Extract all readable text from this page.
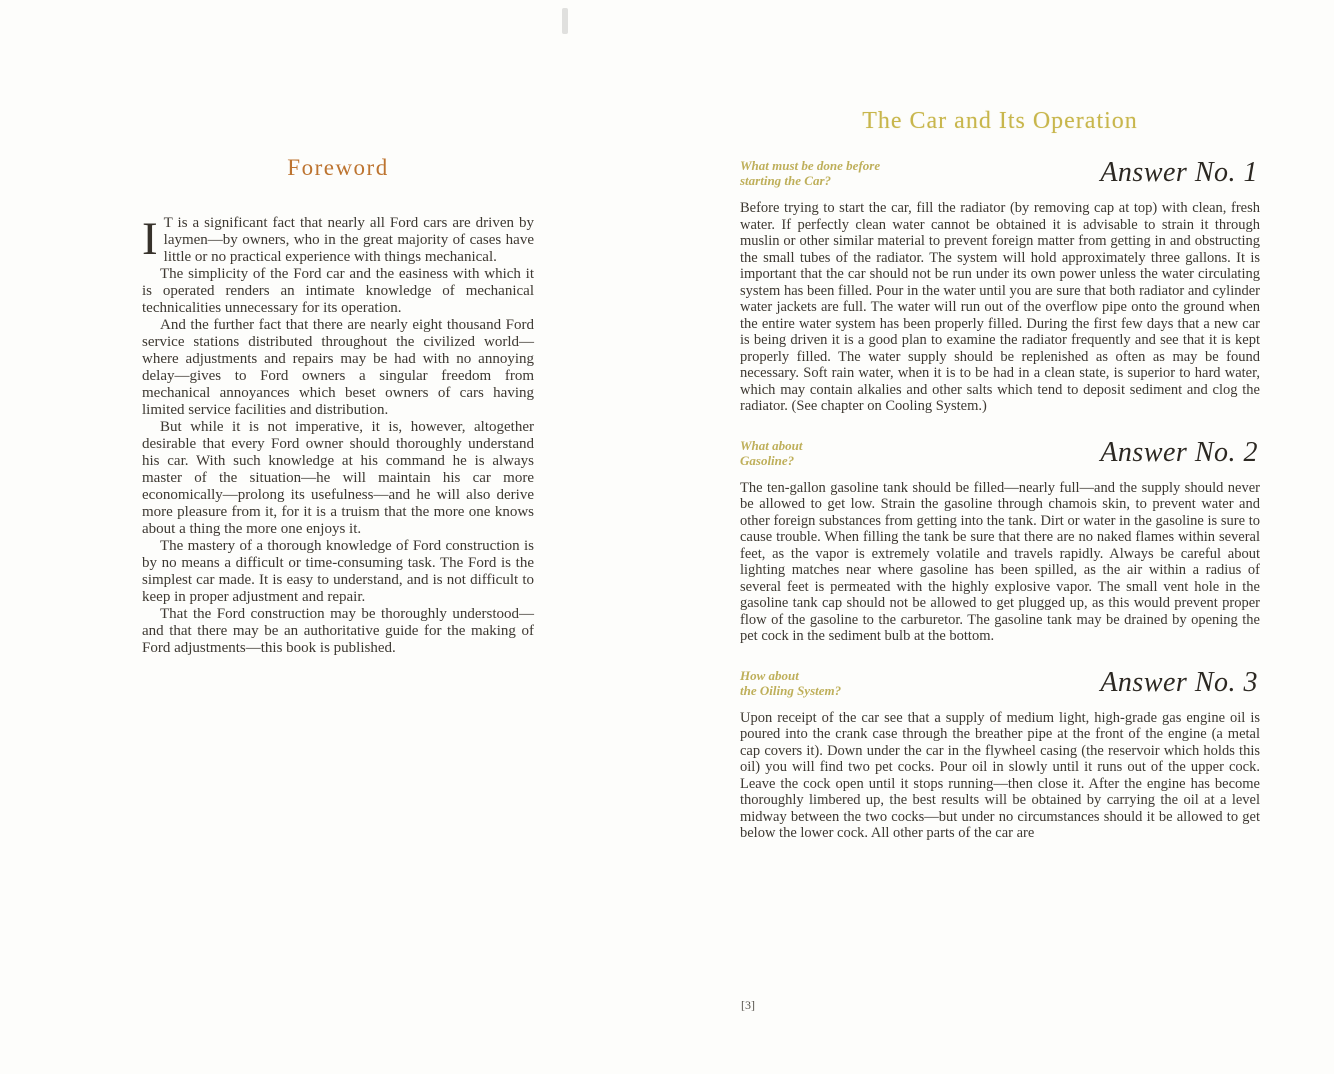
Foreword

I T is a significant fact that nearly all Ford cars are driven by laymen—by owners, who in the great majority of cases have little or no practical experience with things mechanical.

The simplicity of the Ford car and the easiness with which it is operated renders an intimate knowledge of mechanical technicalities unnecessary for its operation.

And the further fact that there are nearly eight thousand Ford service stations distributed throughout the civilized world—where adjustments and repairs may be had with no annoying delay—gives to Ford owners a singular freedom from mechanical annoyances which beset owners of cars having limited service facilities and distribution.

But while it is not imperative, it is, however, altogether desirable that every Ford owner should thoroughly understand his car. With such knowledge at his command he is always master of the situation—he will maintain his car more economically—prolong its usefulness—and he will also derive more pleasure from it, for it is a truism that the more one knows about a thing the more one enjoys it.

The mastery of a thorough knowledge of Ford construction is by no means a difficult or time-consuming task. The Ford is the simplest car made. It is easy to understand, and is not difficult to keep in proper adjustment and repair.

That the Ford construction may be thoroughly understood—and that there may be an authoritative guide for the making of Ford adjustments—this book is published.

The Car and Its Operation
What must be done before
starting the Car?	Answer No. 1

Before trying to start the car, fill the radiator (by removing cap at top) with clean, fresh water. If perfectly clean water cannot be obtained it is advisable to strain it through muslin or other similar material to prevent foreign matter from getting in and obstructing the small tubes of the radiator. The system will hold approximately three gallons. It is important that the car should not be run under its own power unless the water circulating system has been filled. Pour in the water until you are sure that both radiator and cylinder water jackets are full. The water will run out of the overflow pipe onto the ground when the entire water system has been properly filled. During the first few days that a new car is being driven it is a good plan to examine the radiator frequently and see that it is kept properly filled. The water supply should be replenished as often as may be found necessary. Soft rain water, when it is to be had in a clean state, is superior to hard water, which may contain alkalies and other salts which tend to deposit sediment and clog the radiator. (See chapter on Cooling System.)

What about
Gasoline?	Answer No. 2

The ten-gallon gasoline tank should be filled—nearly full—and the supply should never be allowed to get low. Strain the gasoline through chamois skin, to prevent water and other foreign substances from getting into the tank. Dirt or water in the gasoline is sure to cause trouble. When filling the tank be sure that there are no naked flames within several feet, as the vapor is extremely volatile and travels rapidly. Always be careful about lighting matches near where gasoline has been spilled, as the air within a radius of several feet is permeated with the highly explosive vapor. The small vent hole in the gasoline tank cap should not be allowed to get plugged up, as this would prevent proper flow of the gasoline to the carburetor. The gasoline tank may be drained by opening the pet cock in the sediment bulb at the bottom.

How about
the Oiling System?	Answer No. 3

Upon receipt of the car see that a supply of medium light, high-grade gas engine oil is poured into the crank case through the breather pipe at the front of the engine (a metal cap covers it). Down under the car in the flywheel casing (the reservoir which holds this oil) you will find two pet cocks. Pour oil in slowly until it runs out of the upper cock. Leave the cock open until it stops running—then close it. After the engine has become thoroughly limbered up, the best results will be obtained by carrying the oil at a level midway between the two cocks—but under no circumstances should it be allowed to get below the lower cock. All other parts of the car are

[3]
